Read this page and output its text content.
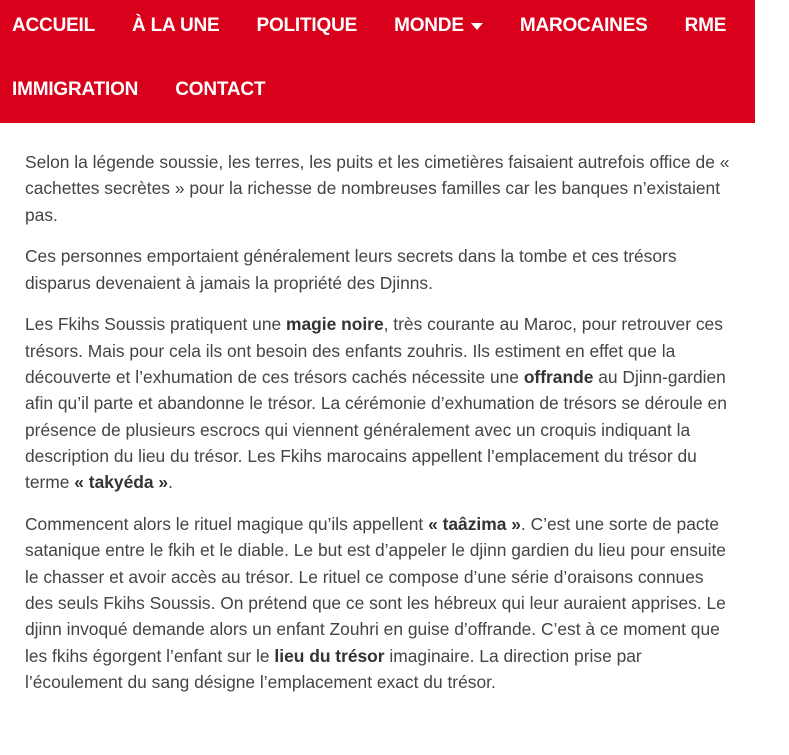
ACCUEIL À LA UNE POLITIQUE MONDE	MAROCAINES RME SA
IMMIGRATION CONTACT

Selon la légende soussie, les terres, les puits et les cimetières faisaient autrefois office de « cachettes secrètes » pour la richesse de nombreuses familles car les banques n’existaient pas.

Ces personnes emportaient généralement leurs secrets dans la tombe et ces trésors disparus devenaient à jamais la propriété des Djinns.

Les Fkihs Soussis pratiquent une magie noire, très courante au Maroc, pour retrouver ces trésors. Mais pour cela ils ont besoin des enfants zouhris. Ils estiment en effet que la découverte et l’exhumation de ces trésors cachés nécessite une offrande au Djinn-gardien afin qu’il parte et abandonne le trésor. La cérémonie d’exhumation de trésors se déroule en présence de plusieurs escrocs qui viennent généralement avec un croquis indiquant la description du lieu du trésor. Les Fkihs marocains appellent l’emplacement du trésor du terme « takyéda ».

Commencent alors le rituel magique qu’ils appellent « taâzima ». C’est une sorte de pacte satanique entre le fkih et le diable. Le but est d’appeler le djinn gardien du lieu pour ensuite le chasser et avoir accès au trésor. Le rituel ce compose d’une série d’oraisons connues des seuls Fkihs Soussis. On prétend que ce sont les hébreux qui leur auraient apprises. Le djinn invoqué demande alors un enfant Zouhri en guise d’offrande. C’est à ce moment que les fkihs égorgent l’enfant sur le lieu du trésor imaginaire. La direction prise par l’écoulement du sang désigne l’emplacement exact du trésor.
